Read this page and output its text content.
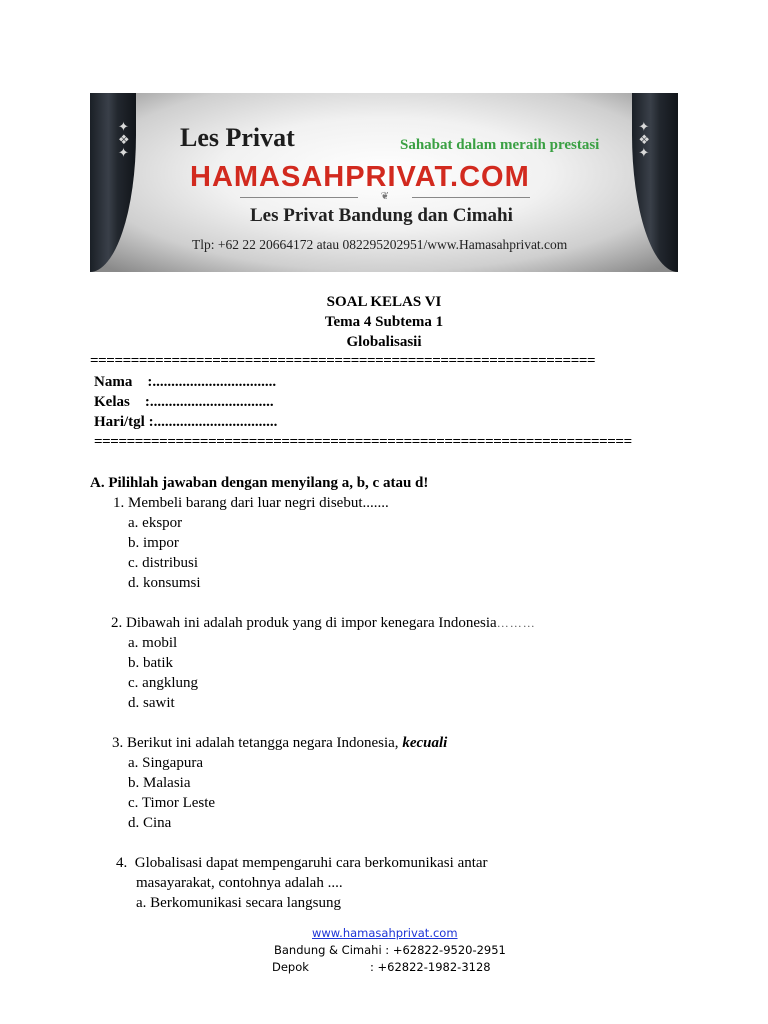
✦
❖
✦
✦
❖
✦
Les Privat	Sahabat dalam meraih prestasi
HAMASAHPRIVAT.COM
❦
Les Privat Bandung dan Cimahi
Tlp: +62 22 20664172 atau 082295202951/www.Hamasahprivat.com
SOAL KELAS VI
Tema 4 Subtema 1
Globalisasii
==============================================================
Nama    :.................................
Kelas    :.................................
Hari/tgl :.................................
==================================================================
A. Pilihlah jawaban dengan menyilang a, b, c atau d!
1. Membeli barang dari luar negri disebut.......
a. ekspor
b. impor
c. distribusi
d. konsumsi
2. Dibawah ini adalah produk yang di impor kenegara Indonesia………
a. mobil
b. batik
c. angklung
d. sawit
3. Berikut ini adalah tetangga negara Indonesia, kecuali
a. Singapura
b. Malasia
c. Timor Leste
d. Cina
4.  Globalisasi dapat mempengaruhi cara berkomunikasi antar
masayarakat, contohnya adalah ....
a. Berkomunikasi secara langsung
www.hamasahprivat.com
Bandung & Cimahi : +62822-9520-2951
Depok	: +62822-1982-3128
